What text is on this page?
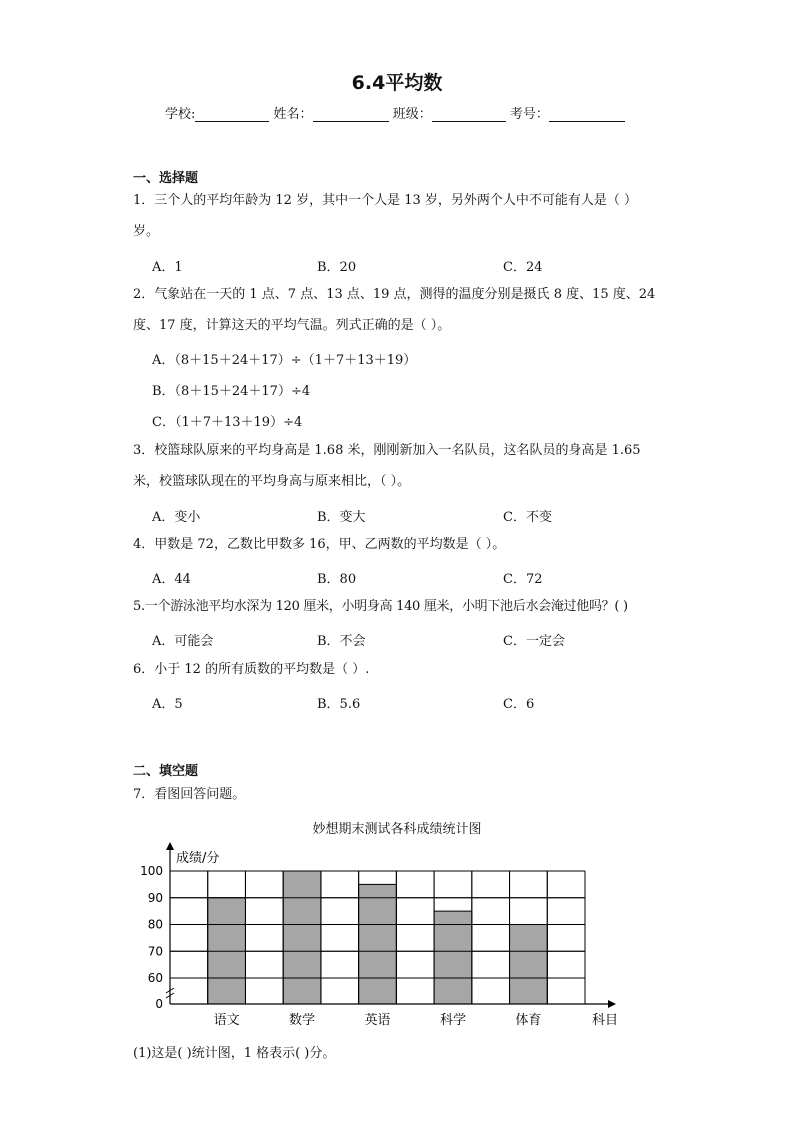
6.4平均数
学校:	姓名：	班级：	考号：
一、选择题
1．三个人的平均年龄为 12 岁，其中一个人是 13 岁，另外两个人中不可能有人是（ ）
岁。
A．1	B．20	C．24
2．气象站在一天的 1 点、7 点、13 点、19 点，测得的温度分别是摄氏 8 度、15 度、24
度、17 度，计算这天的平均气温。列式正确的是（ ）。
A．（8＋15＋24＋17）÷（1＋7＋13＋19）
B．（8＋15＋24＋17）÷4
C．（1＋7＋13＋19）÷4
3．校篮球队原来的平均身高是 1.68 米，刚刚新加入一名队员，这名队员的身高是 1.65
米，校篮球队现在的平均身高与原来相比，（ ）。
A．变小	B．变大	C．不变
4．甲数是 72，乙数比甲数多 16，甲、乙两数的平均数是（ ）。
A．44	B．80	C．72
5.一个游泳池平均水深为 120 厘米，小明身高 140 厘米，小明下池后水会淹过他吗？( )
A．可能会	B．不会	C．一定会
6．小于 12 的所有质数的平均数是（ ）.
A．5	B．5.6	C．6
二、填空题
7．看图回答问题。
妙想期末测试各科成绩统计图
成绩/分
科目
0
60
70
80
90
100
语文	数学	英语	科学	体育
(1)这是( )统计图，1 格表示( )分。
